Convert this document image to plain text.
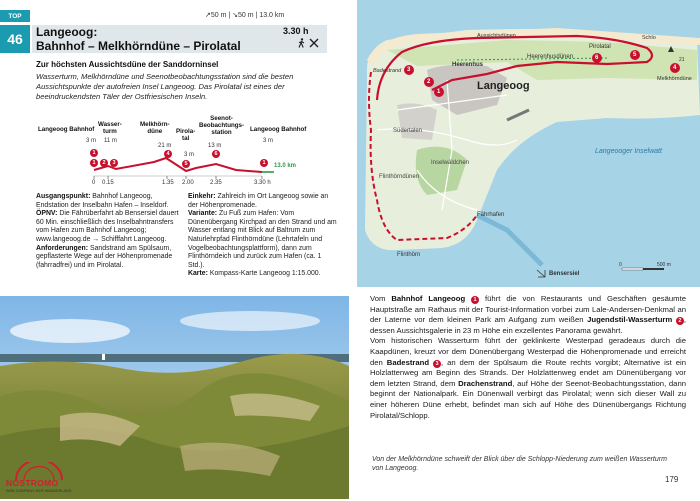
TOP
46	Langeoog:
Bahnhof – Melkhörndüne – Pirolatal
3.30 h

↗50 m | ↘50 m | 13.0 km
Zur höchsten Aussichtsdüne der Sanddorninsel
Wasserturm, Melkhörndüne und Seenotbeobachtungsstation sind die besten Aussichtspunkte der autofreien Insel Langeoog. Das Pirolatal ist eines der beeindruckendsten Täler der Ostfriesischen Inseln.
Langeoog Bahnhof
Wasser-
turm
Melkhörn-
düne	Pirola-
tal
Seenot-
Beobachtungs-
station	Langeoog Bahnhof
3 m 11 m
21 m
3 m
13 m
3 m
1
1	2	3
4
5
6
1	13.0 km
0 0.15	1.35 2.00	2.35	3.30 h
Ausgangspunkt: Bahnhof Langeoog, Endstation der Inselbahn Hafen – Inseldorf.
ÖPNV: Die Fährüberfahrt ab Bensersiel dauert 60 Min. einschließlich des Inselbahntransfers vom Hafen zum Bahnhof Langeoog; www.langeoog.de → Schifffahrt Langeoog.
Anforderungen: Sandstrand am Spülsaum, gepflasterte Wege auf der Höhenpromenade (fahrradfrei) und im Pirolatal.
Einkehr: Zahlreich im Ort Langeoog sowie an der Höhenpromenade.
Variante: Zu Fuß zum Hafen: Vom Dünenübergang Kirchpad an den Strand und am Wasser entlang mit Blick auf Baltrum zum Naturlehrpfad Flinthörndüne (Lehrtafeln und Vogelbeobachtungsplattform), dann zum Flinthörndeich und zurück zum Hafen (ca. 1 Std.).
Karte: Kompass-Karte Langeoog 1:15.000.
NOSTROMO
WEB COMPANY DER WANDERLAND
Aussichtsdünen
Pirolatal
Heerenhus
Heerenhusdünen
Langeoog
Melkhörndüne
Badestrand
Langeooger Inselwatt
Südertalen
Inselwäldchen
Flinthörndünen
Fährhafen
Bensersiel
Flinthörn
Schlo
0	500 m
21
1
2
3	4
5
6
Vom Bahnhof Langeoog 1 führt die von Restaurants und Geschäften gesäumte Hauptstraße am Rathaus mit der Tourist-Information vorbei zum Lale-Andersen-Denkmal an der Laterne vor dem kleinen Park am Aufgang zum weißen Jugendstil-Wasserturm 2 , dessen Aussichtsgalerie in 23 m Höhe ein exzellentes Panorama gewährt.
Vom historischen Wasserturm führt der geklinkerte Westerpad geradeaus durch die Kaapdünen, kreuzt vor dem Dünenübergang Westerpad die Höhenpromenade und erreicht den Badestrand 3 , an dem der Spülsaum die Route rechts vorgibt; Alternative ist ein Holzlattenweg am Beginn des Strands. Der Holzlattenweg endet am Dünenübergang vor dem letzten Strand, dem Drachenstrand, auf Höhe der Seenot-Beobachtungsstation, dann beginnt der Nationalpark. Ein Dünenwall verbirgt das Pirolatal; wenn sich dieser Wall zu einer höheren Düne erhebt, befindet man sich auf Höhe des Dünenübergangs Richtung Pirolatal/Schlopp.
Von der Melkhörndüne schweift der Blick über die Schlopp-Niederung zum weißen Wasserturm von Langeoog.
179
